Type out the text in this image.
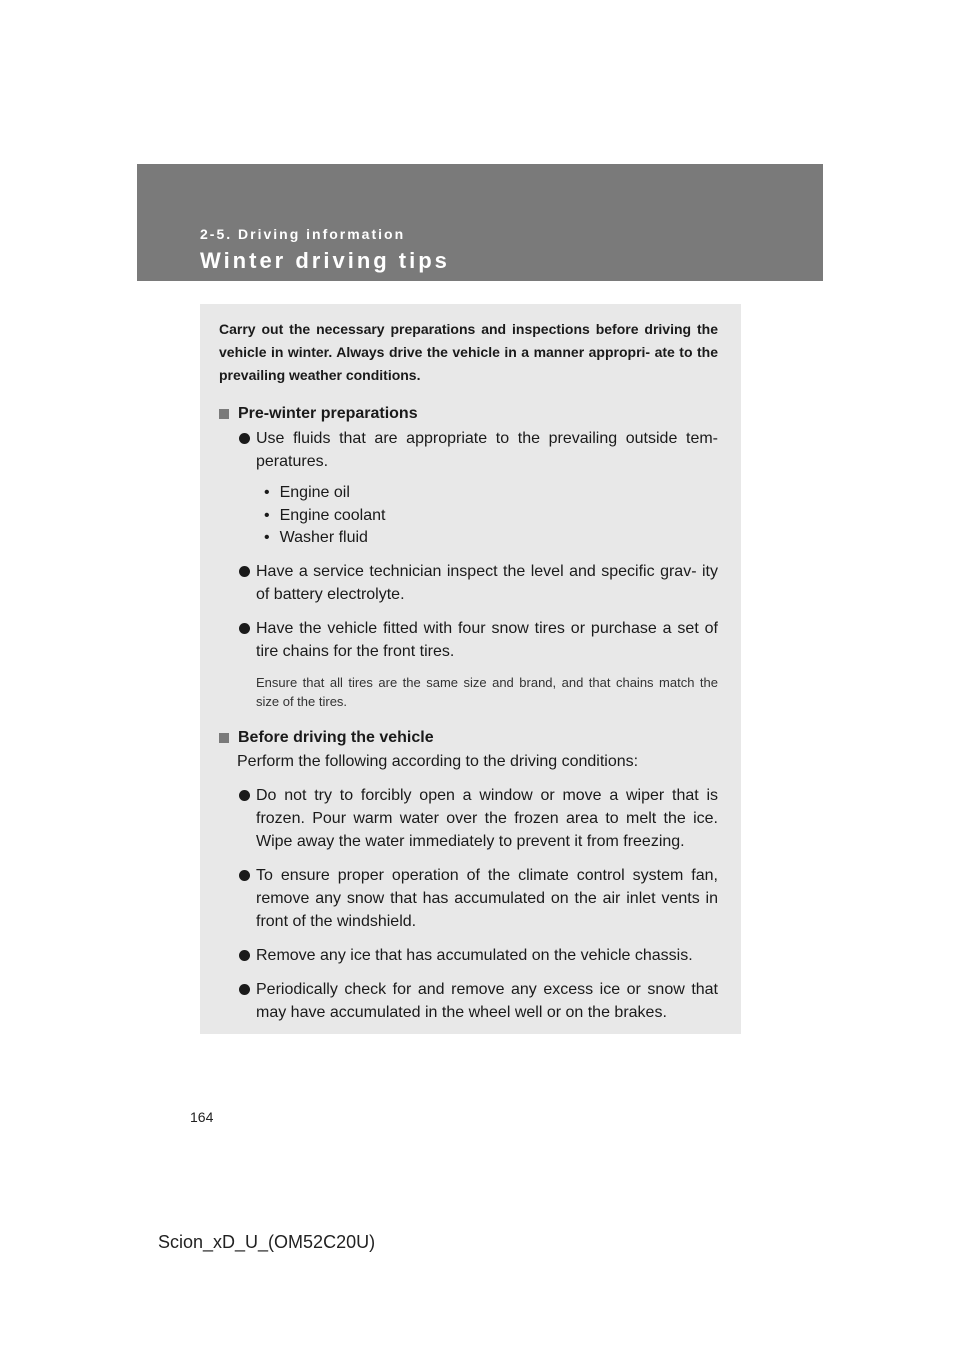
2-5. Driving information
Winter driving tips

Carry out the necessary preparations and inspections before driving the vehicle in winter. Always drive the vehicle in a manner appropri- ate to the prevailing weather conditions.

Pre-winter preparations

Use fluids that are appropriate to the prevailing outside tem- peratures.

• Engine oil
• Engine coolant
• Washer fluid

Have a service technician inspect the level and specific grav- ity of battery electrolyte.

Have the vehicle fitted with four snow tires or purchase a set of tire chains for the front tires.

Ensure that all tires are the same size and brand, and that chains match the size of the tires.

Before driving the vehicle

Perform the following according to the driving conditions:

Do not try to forcibly open a window or move a wiper that is frozen. Pour warm water over the frozen area to melt the ice. Wipe away the water immediately to prevent it from freezing.

To ensure proper operation of the climate control system fan, remove any snow that has accumulated on the air inlet vents in front of the windshield.

Remove any ice that has accumulated on the vehicle chassis.

Periodically check for and remove any excess ice or snow that may have accumulated in the wheel well or on the brakes.

164
Scion_xD_U_(OM52C20U)
